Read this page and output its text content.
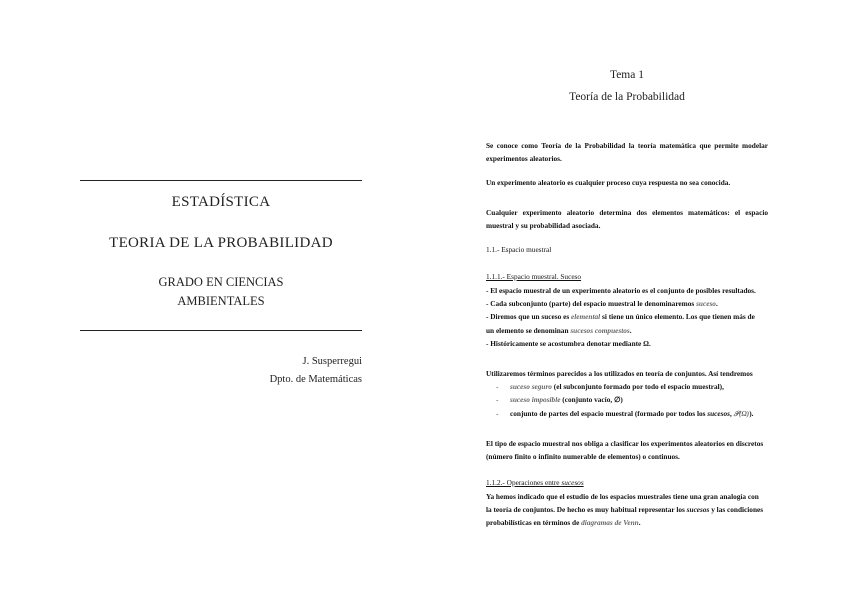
ESTADÍSTICA
TEORIA DE LA PROBABILIDAD
GRADO EN CIENCIAS
AMBIENTALES
J. Susperregui
Dpto. de Matemáticas
Tema 1
Teoría de la Probabilidad
Se conoce como Teoría de la Probabilidad la teoría matemática que permite modelar experimentos aleatorios.
Un experimento aleatorio es cualquier proceso cuya respuesta no sea conocida.
Cualquier experimento aleatorio determina dos elementos matemáticos: el espacio muestral y su probabilidad asociada.
1.1.- Espacio muestral
1.1.1.- Espacio muestral. Suceso
- El espacio muestral de un experimento aleatorio es el conjunto de posibles resultados.
- Cada subconjunto (parte) del espacio muestral le denominaremos suceso.
- Diremos que un suceso es elemental si tiene un único elemento. Los que tienen más de
un elemento se denominan sucesos compuestos.
- Históricamente se acostumbra denotar mediante Ω.
Utilizaremos términos parecidos a los utilizados en teoría de conjuntos. Así tendremos
- suceso seguro (el subconjunto formado por todo el espacio muestral),
- suceso imposible (conjunto vacío, ∅)
- conjunto de partes del espacio muestral (formado por todos los sucesos, 𝒫(Ω)).
El tipo de espacio muestral nos obliga a clasificar los experimentos aleatorios en discretos
(número finito o infinito numerable de elementos) o continuos.
1.1.2.- Operaciones entre sucesos
Ya hemos indicado que el estudio de los espacios muestrales tiene una gran analogía con
la teoría de conjuntos. De hecho es muy habitual representar los sucesos y las condiciones
probabilísticas en términos de diagramas de Venn.
